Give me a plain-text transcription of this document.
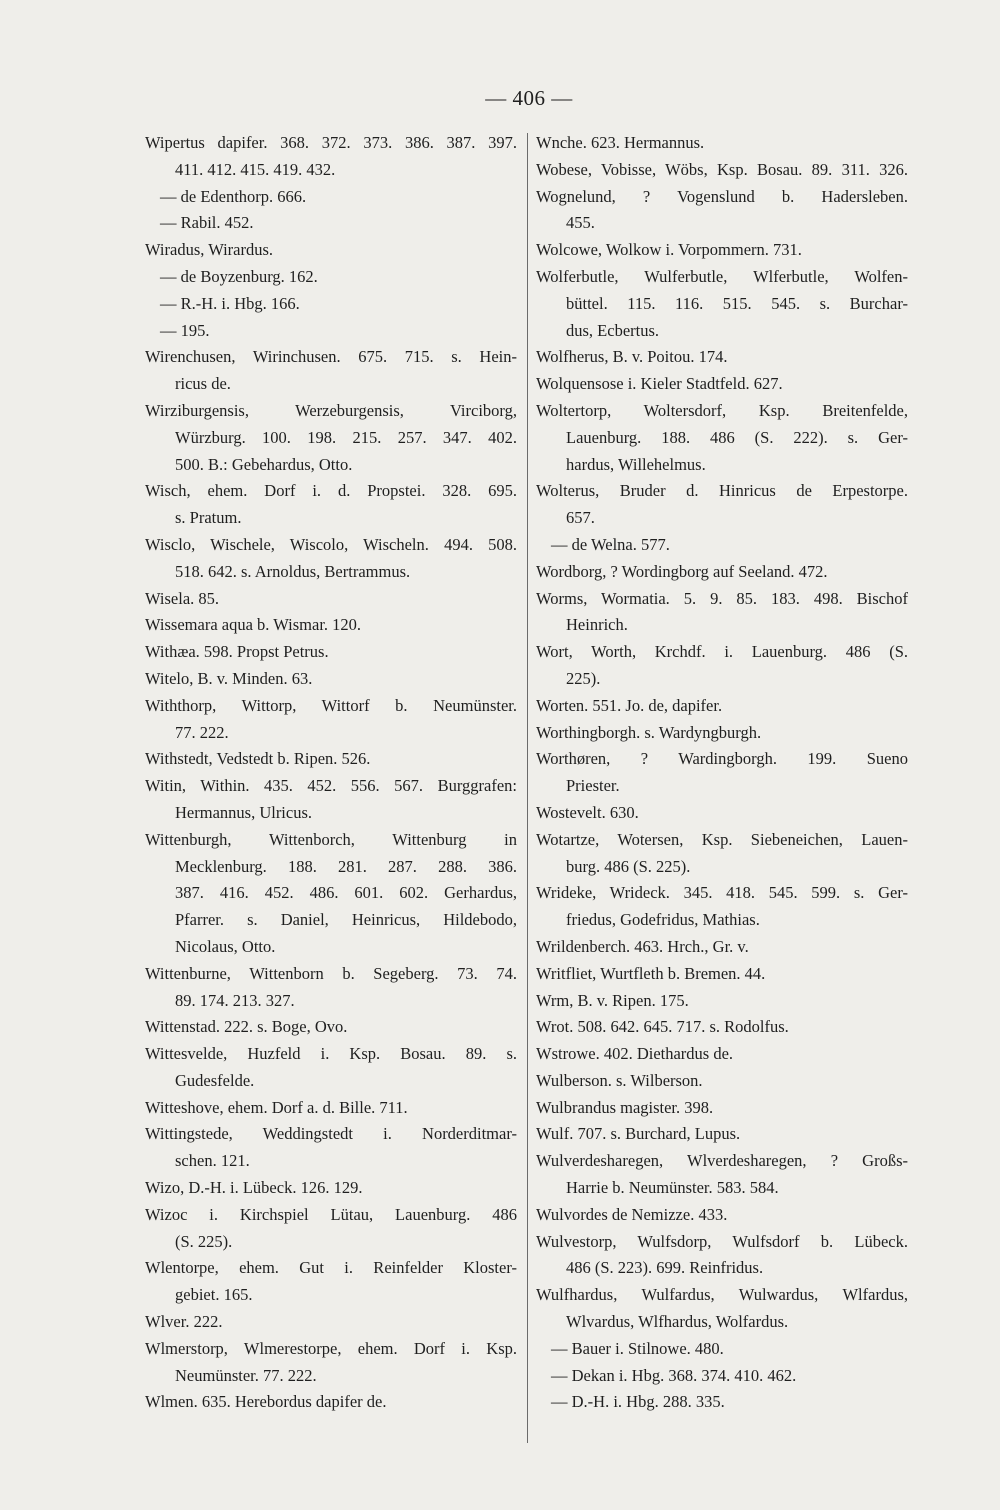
— 406 —
Wipertus dapifer. 368. 372. 373. 386. 387. 397.
411. 412. 415. 419. 432.
— de Edenthorp. 666.
— Rabil. 452.
Wiradus, Wirardus.
— de Boyzenburg. 162.
— R.-H. i. Hbg. 166.
— 195.
Wirenchusen, Wirinchusen. 675. 715. s. Hein-
ricus de.
Wirziburgensis, Werzeburgensis, Virciborg,
Würzburg. 100. 198. 215. 257. 347. 402.
500. B.: Gebehardus, Otto.
Wisch, ehem. Dorf i. d. Propstei. 328. 695.
s. Pratum.
Wisclo, Wischele, Wiscolo, Wischeln. 494. 508.
518. 642. s. Arnoldus, Bertrammus.
Wisela. 85.
Wissemara aqua b. Wismar. 120.
Withæa. 598. Propst Petrus.
Witelo, B. v. Minden. 63.
Withthorp, Wittorp, Wittorf b. Neumünster.
77. 222.
Withstedt, Vedstedt b. Ripen. 526.
Witin, Within. 435. 452. 556. 567. Burggrafen:
Hermannus, Ulricus.
Wittenburgh, Wittenborch, Wittenburg in
Mecklenburg. 188. 281. 287. 288. 386.
387. 416. 452. 486. 601. 602. Gerhardus,
Pfarrer. s. Daniel, Heinricus, Hildebodo,
Nicolaus, Otto.
Wittenburne, Wittenborn b. Segeberg. 73. 74.
89. 174. 213. 327.
Wittenstad. 222. s. Boge, Ovo.
Wittesvelde, Huzfeld i. Ksp. Bosau. 89. s.
Gudesfelde.
Witteshove, ehem. Dorf a. d. Bille. 711.
Wittingstede, Weddingstedt i. Norderditmar-
schen. 121.
Wizo, D.-H. i. Lübeck. 126. 129.
Wizoc i. Kirchspiel Lütau, Lauenburg. 486
(S. 225).
Wlentorpe, ehem. Gut i. Reinfelder Kloster-
gebiet. 165.
Wlver. 222.
Wlmerstorp, Wlmerestorpe, ehem. Dorf i. Ksp.
Neumünster. 77. 222.
Wlmen. 635. Herebordus dapifer de.
Wnche. 623. Hermannus.
Wobese, Vobisse, Wöbs, Ksp. Bosau. 89. 311. 326.
Wognelund, ? Vogenslund b. Hadersleben.
455.
Wolcowe, Wolkow i. Vorpommern. 731.
Wolferbutle, Wulferbutle, Wlferbutle, Wolfen-
büttel. 115. 116. 515. 545. s. Burchar-
dus, Ecbertus.
Wolfherus, B. v. Poitou. 174.
Wolquensose i. Kieler Stadtfeld. 627.
Woltertorp, Woltersdorf, Ksp. Breitenfelde,
Lauenburg. 188. 486 (S. 222). s. Ger-
hardus, Willehelmus.
Wolterus, Bruder d. Hinricus de Erpestorpe.
657.
— de Welna. 577.
Wordborg, ? Wordingborg auf Seeland. 472.
Worms, Wormatia. 5. 9. 85. 183. 498. Bischof
Heinrich.
Wort, Worth, Krchdf. i. Lauenburg. 486 (S.
225).
Worten. 551. Jo. de, dapifer.
Worthingborgh. s. Wardyngburgh.
Worthøren, ? Wardingborgh. 199. Sueno
Priester.
Wostevelt. 630.
Wotartze, Wotersen, Ksp. Siebeneichen, Lauen-
burg. 486 (S. 225).
Wrideke, Wrideck. 345. 418. 545. 599. s. Ger-
friedus, Godefridus, Mathias.
Wrildenberch. 463. Hrch., Gr. v.
Writfliet, Wurtfleth b. Bremen. 44.
Wrm, B. v. Ripen. 175.
Wrot. 508. 642. 645. 717. s. Rodolfus.
Wstrowe. 402. Diethardus de.
Wulberson. s. Wilberson.
Wulbrandus magister. 398.
Wulf. 707. s. Burchard, Lupus.
Wulverdesharegen, Wlverdesharegen, ? Großs-
Harrie b. Neumünster. 583. 584.
Wulvordes de Nemizze. 433.
Wulvestorp, Wulfsdorp, Wulfsdorf b. Lübeck.
486 (S. 223). 699. Reinfridus.
Wulfhardus, Wulfardus, Wulwardus, Wlfardus,
Wlvardus, Wlfhardus, Wolfardus.
— Bauer i. Stilnowe. 480.
— Dekan i. Hbg. 368. 374. 410. 462.
— D.-H. i. Hbg. 288. 335.
